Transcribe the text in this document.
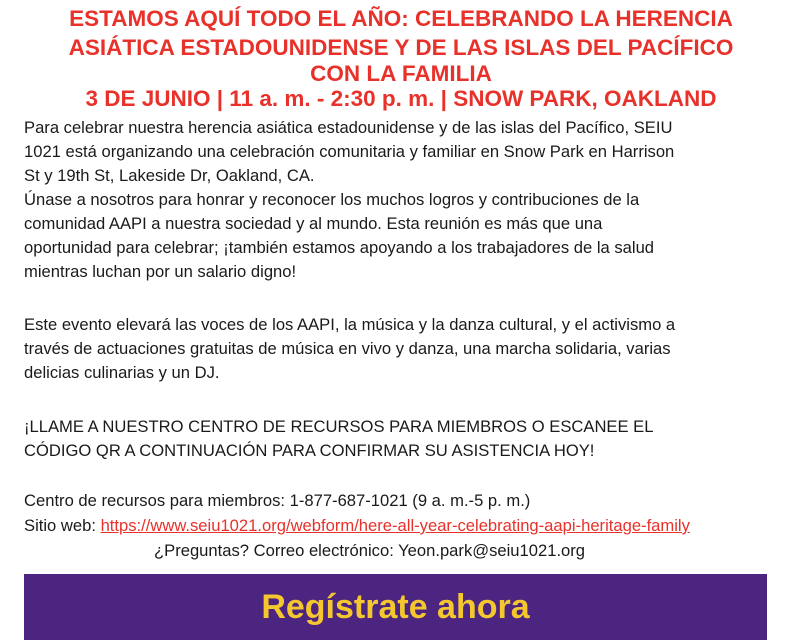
ESTAMOS AQUÍ TODO EL AÑO: CELEBRANDO LA HERENCIA
ASIÁTICA ESTADOUNIDENSE Y DE LAS ISLAS DEL PACÍFICO
CON LA FAMILIA
3 DE JUNIO | 11 a. m. - 2:30 p. m. | SNOW PARK, OAKLAND
Para celebrar nuestra herencia asiática estadounidense y de las islas del Pacífico, SEIU
1021 está organizando una celebración comunitaria y familiar en Snow Park en Harrison
St y 19th St, Lakeside Dr, Oakland, CA.
Únase a nosotros para honrar y reconocer los muchos logros y contribuciones de la
comunidad AAPI a nuestra sociedad y al mundo. Esta reunión es más que una
oportunidad para celebrar; ¡también estamos apoyando a los trabajadores de la salud
mientras luchan por un salario digno!
Este evento elevará las voces de los AAPI, la música y la danza cultural, y el activismo a
través de actuaciones gratuitas de música en vivo y danza, una marcha solidaria, varias
delicias culinarias y un DJ.
¡LLAME A NUESTRO CENTRO DE RECURSOS PARA MIEMBROS O ESCANEE EL
CÓDIGO QR A CONTINUACIÓN PARA CONFIRMAR SU ASISTENCIA HOY!
Centro de recursos para miembros: 1-877-687-1021 (9 a. m.-5 p. m.)
Sitio web: https://www.seiu1021.org/webform/here-all-year-celebrating-aapi-heritage-family
¿Preguntas? Correo electrónico: Yeon.park@seiu1021.org
Regístrate ahora
